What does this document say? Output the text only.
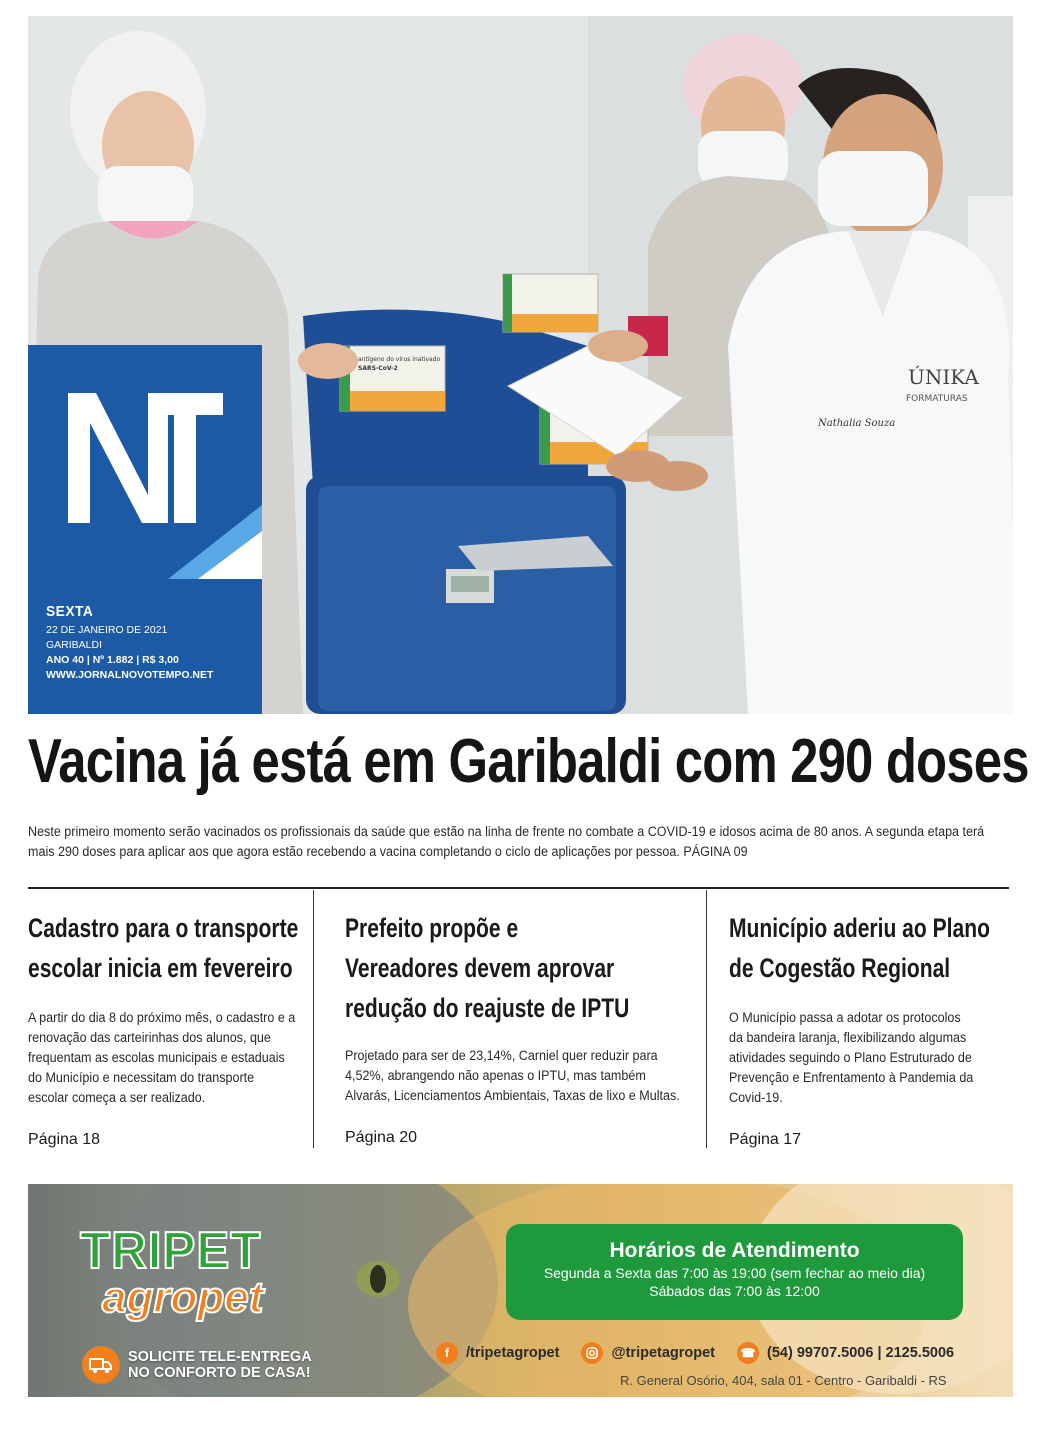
antígeno do vírus inativado
SARS-CoV-2	ÚNIKA
FORMATURAS
Nathalia Souza
SEXTA
22 DE JANEIRO DE 2021
GARIBALDI
ANO 40 | Nº 1.882 | R$ 3,00
WWW.JORNALNOVOTEMPO.NET
Vacina já está em Garibaldi com 290 doses

Neste primeiro momento serão vacinados os profissionais da saúde que estão na linha de frente no combate a COVID-19 e idosos acima de 80 anos. A segunda etapa terá mais 290 doses para aplicar aos que agora estão recebendo a vacina completando o ciclo de aplicações por pessoa. PÁGINA 09

Cadastro para o transporte escolar inicia em fevereiro

A partir do dia 8 do próximo mês, o cadastro e a renovação das carteirinhas dos alunos, que frequentam as escolas municipais e estaduais do Município e necessitam do transporte escolar começa a ser realizado.

Página 18
Prefeito propõe e Vereadores devem aprovar redução do reajuste de IPTU

Projetado para ser de 23,14%, Carniel quer reduzir para 4,52%, abrangendo não apenas o IPTU, mas também Alvarás, Licenciamentos Ambientais, Taxas de lixo e Multas.

Página 20
Município aderiu ao Plano de Cogestão Regional

O Município passa a adotar os protocolos da bandeira laranja, flexibilizando algumas atividades seguindo o Plano Estruturado de Prevenção e Enfrentamento à Pandemia da Covid-19.

Página 17
TRIPET
agropet
SOLICITE TELE-ENTREGA
NO CONFORTO DE CASA!
Horários de Atendimento
Segunda a Sexta das 7:00 às 19:00 (sem fechar ao meio dia)
Sábados das 7:00 às 12:00
f	/tripetagropet	@tripetagropet ☎ (54) 99707.5006 | 2125.5006
R. General Osório, 404, sala 01 - Centro - Garibaldi - RS
